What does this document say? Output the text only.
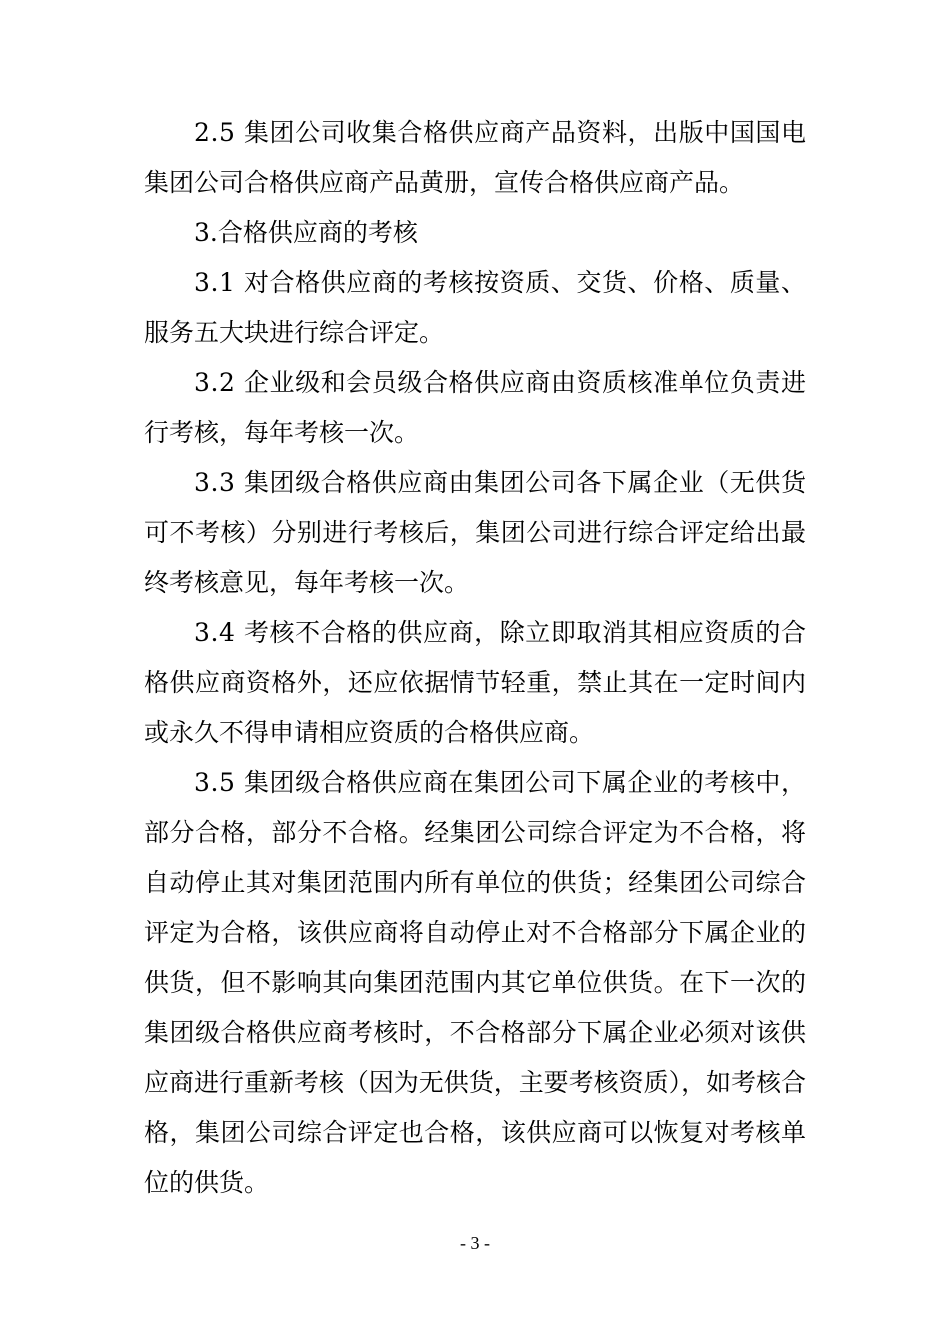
2.5 集团公司收集合格供应商产品资料，出版中国国电
集团公司合格供应商产品黄册，宣传合格供应商产品。
3.合格供应商的考核
3.1 对合格供应商的考核按资质、交货、价格、质量、
服务五大块进行综合评定。
3.2 企业级和会员级合格供应商由资质核准单位负责进
行考核，每年考核一次。
3.3 集团级合格供应商由集团公司各下属企业（无供货
可不考核）分别进行考核后，集团公司进行综合评定给出最
终考核意见，每年考核一次。
3.4 考核不合格的供应商，除立即取消其相应资质的合
格供应商资格外，还应依据情节轻重，禁止其在一定时间内
或永久不得申请相应资质的合格供应商。
3.5 集团级合格供应商在集团公司下属企业的考核中，
部分合格，部分不合格。经集团公司综合评定为不合格，将
自动停止其对集团范围内所有单位的供货；经集团公司综合
评定为合格，该供应商将自动停止对不合格部分下属企业的
供货，但不影响其向集团范围内其它单位供货。在下一次的
集团级合格供应商考核时，不合格部分下属企业必须对该供
应商进行重新考核（因为无供货，主要考核资质），如考核合
格，集团公司综合评定也合格，该供应商可以恢复对考核单
位的供货。
- 3 -
